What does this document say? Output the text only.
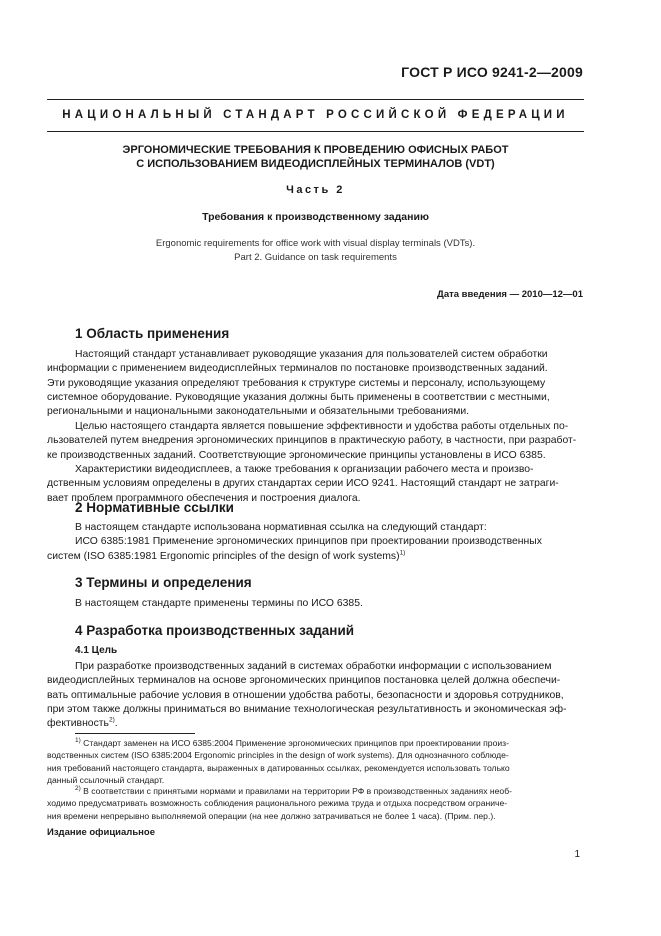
ГОСТ Р ИСО 9241-2—2009
НАЦИОНАЛЬНЫЙ СТАНДАРТ РОССИЙСКОЙ ФЕДЕРАЦИИ
ЭРГОНОМИЧЕСКИЕ ТРЕБОВАНИЯ К ПРОВЕДЕНИЮ ОФИСНЫХ РАБОТ
С ИСПОЛЬЗОВАНИЕМ ВИДЕОДИСПЛЕЙНЫХ ТЕРМИНАЛОВ (VDT)
Часть 2
Требования к производственному заданию
Ergonomic requirements for office work with visual display terminals (VDTs).
Part 2. Guidance on task requirements
Дата введения — 2010—12—01
1 Область применения
Настоящий стандарт устанавливает руководящие указания для пользователей систем обработки
информации с применением видеодисплейных терминалов по постановке производственных заданий.
Эти руководящие указания определяют требования к структуре системы и персоналу, использующему
системное оборудование. Руководящие указания должны быть применены в соответствии с местными,
региональными и национальными законодательными и обязательными требованиями.
Целью настоящего стандарта является повышение эффективности и удобства работы отдельных по-
льзователей путем внедрения эргономических принципов в практическую работу, в частности, при разработ-
ке производственных заданий. Соответствующие эргономические принципы установлены в ИСО 6385.
Характеристики видеодисплеев, а также требования к организации рабочего места и произво-
дственным условиям определены в других стандартах серии ИСО 9241. Настоящий стандарт не затраги-
вает проблем программного обеспечения и построения диалога.
2 Нормативные ссылки
В настоящем стандарте использована нормативная ссылка на следующий стандарт:
ИСО 6385:1981 Применение эргономических принципов при проектировании производственных
систем (ISO 6385:1981 Ergonomic principles of the design of work systems)$^{1)}$
3 Термины и определения
В настоящем стандарте применены термины по ИСО 6385.
4 Разработка производственных заданий
4.1 Цель
При разработке производственных заданий в системах обработки информации с использованием
видеодисплейных терминалов на основе эргономических принципов постановка целей должна обеспечи-
вать оптимальные рабочие условия в отношении удобства работы, безопасности и здоровья сотрудников,
при этом также должны приниматься во внимание технологическая результативность и экономическая эф-
фективность$^{2)}$.
$^{1)}$ Стандарт заменен на ИСО 6385:2004 Применение эргономических принципов при проектировании произ-
водственных систем (ISO 6385:2004 Ergonomic principles in the design of work systems). Для однозначного соблюде-
ния требований настоящего стандарта, выраженных в датированных ссылках, рекомендуется использовать только
данный ссылочный стандарт.
$^{2)}$ В соответствии с принятыми нормами и правилами на территории РФ в производственных заданиях необ-
ходимо предусматривать возможность соблюдения рационального режима труда и отдыха посредством ограниче-
ния времени непрерывно выполняемой операции (на нее должно затрачиваться не более 1 часа). (Прим. пер.).
Издание официальное
1
